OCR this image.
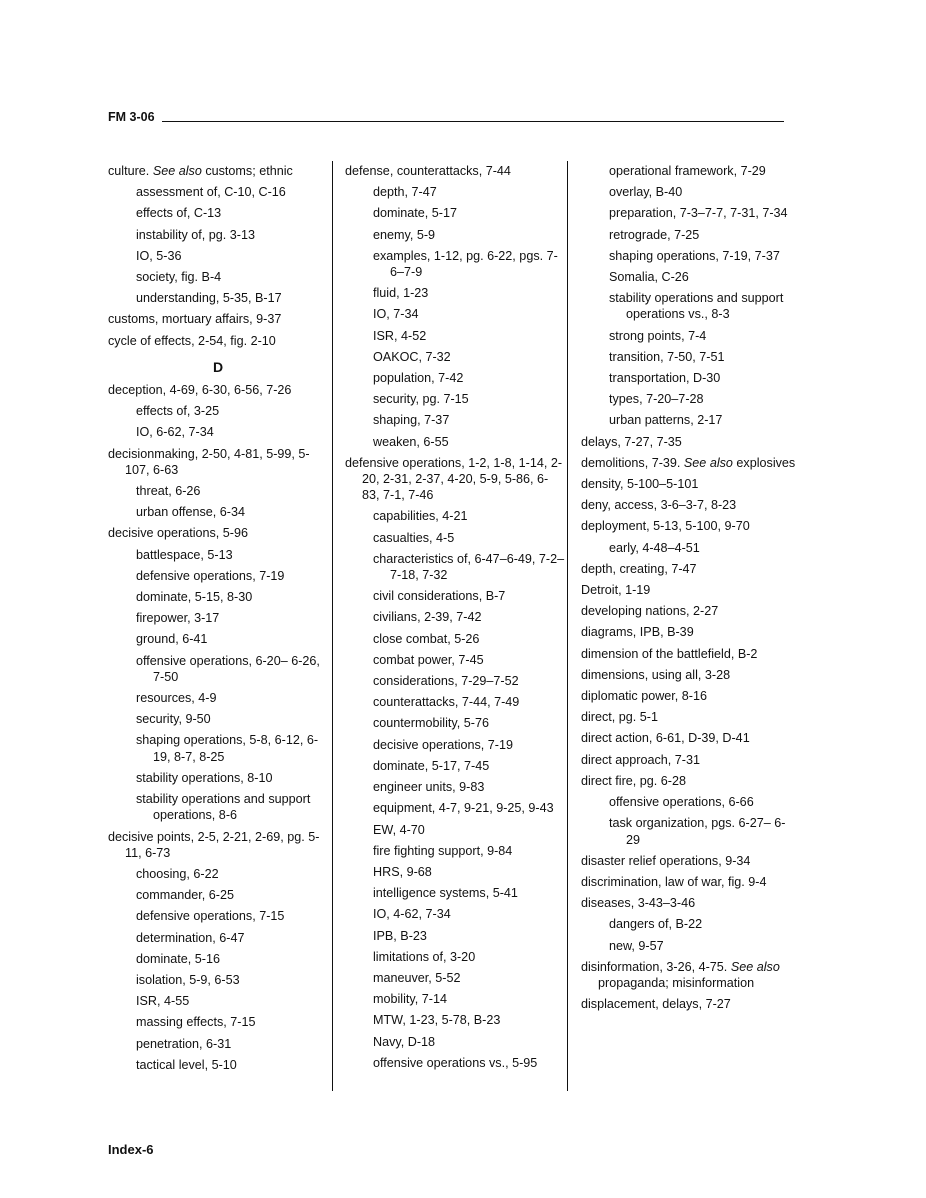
FM 3-06
culture. See also customs; ethnic
assessment of, C-10, C-16
effects of, C-13
instability of, pg. 3-13
IO, 5-36
society, fig. B-4
understanding, 5-35, B-17
customs, mortuary affairs, 9-37
cycle of effects, 2-54, fig. 2-10
D
deception, 4-69, 6-30, 6-56, 7-26
effects of, 3-25
IO, 6-62, 7-34
decisionmaking, 2-50, 4-81, 5-99, 5-107, 6-63
threat, 6-26
urban offense, 6-34
decisive operations, 5-96
battlespace, 5-13
defensive operations, 7-19
dominate, 5-15, 8-30
firepower, 3-17
ground, 6-41
offensive operations, 6-20– 6-26, 7-50
resources, 4-9
security, 9-50
shaping operations, 5-8, 6-12, 6-19, 8-7, 8-25
stability operations, 8-10
stability operations and support operations, 8-6
decisive points, 2-5, 2-21, 2-69, pg. 5-11, 6-73
choosing, 6-22
commander, 6-25
defensive operations, 7-15
determination, 6-47
dominate, 5-16
isolation, 5-9, 6-53
ISR, 4-55
massing effects, 7-15
penetration, 6-31
tactical level, 5-10
defense, counterattacks, 7-44
depth, 7-47
dominate, 5-17
enemy, 5-9
examples, 1-12, pg. 6-22, pgs. 7-6–7-9
fluid, 1-23
IO, 7-34
ISR, 4-52
OAKOC, 7-32
population, 7-42
security, pg. 7-15
shaping, 7-37
weaken, 6-55
defensive operations, 1-2, 1-8, 1-14, 2-20, 2-31, 2-37, 4-20, 5-9, 5-86, 6-83, 7-1, 7-46
capabilities, 4-21
casualties, 4-5
characteristics of, 6-47–6-49, 7-2–7-18, 7-32
civil considerations, B-7
civilians, 2-39, 7-42
close combat, 5-26
combat power, 7-45
considerations, 7-29–7-52
counterattacks, 7-44, 7-49
countermobility, 5-76
decisive operations, 7-19
dominate, 5-17, 7-45
engineer units, 9-83
equipment, 4-7, 9-21, 9-25, 9-43
EW, 4-70
fire fighting support, 9-84
HRS, 9-68
intelligence systems, 5-41
IO, 4-62, 7-34
IPB, B-23
limitations of, 3-20
maneuver, 5-52
mobility, 7-14
MTW, 1-23, 5-78, B-23
Navy, D-18
offensive operations vs., 5-95
operational framework, 7-29
overlay, B-40
preparation, 7-3–7-7, 7-31, 7-34
retrograde, 7-25
shaping operations, 7-19, 7-37
Somalia, C-26
stability operations and support operations vs., 8-3
strong points, 7-4
transition, 7-50, 7-51
transportation, D-30
types, 7-20–7-28
urban patterns, 2-17
delays, 7-27, 7-35
demolitions, 7-39. See also explosives
density, 5-100–5-101
deny, access, 3-6–3-7, 8-23
deployment, 5-13, 5-100, 9-70
early, 4-48–4-51
depth, creating, 7-47
Detroit, 1-19
developing nations, 2-27
diagrams, IPB, B-39
dimension of the battlefield, B-2
dimensions, using all, 3-28
diplomatic power, 8-16
direct, pg. 5-1
direct action, 6-61, D-39, D-41
direct approach, 7-31
direct fire, pg. 6-28
offensive operations, 6-66
task organization, pgs. 6-27– 6-29
disaster relief operations, 9-34
discrimination, law of war, fig. 9-4
diseases, 3-43–3-46
dangers of, B-22
new, 9-57
disinformation, 3-26, 4-75. See also propaganda; misinformation
displacement, delays, 7-27
Index-6
